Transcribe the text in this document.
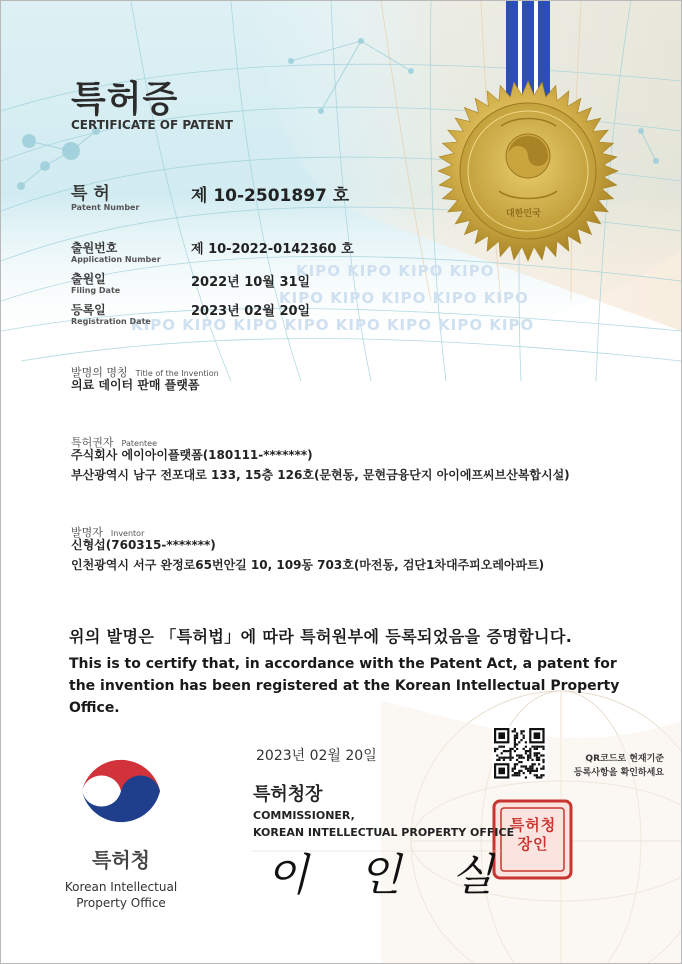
KIPO KIPO KIPO KIPO
KIPO KIPO KIPO KIPO KIPO
KIPO KIPO KIPO KIPO KIPO KIPO KIPO KIPO
대한민국
특허청장인
특허증
CERTIFICATE OF PATENT
특 허
Patent Number
제 10-2501897 호
출원번호
Application Number
제 10-2022-0142360 호
출원일
Filing Date
2022년 10월 31일
등록일
Registration Date
2023년 02월 20일
발명의 명칭 Title of the Invention
의료 데이터 판매 플랫폼
특허권자 Patentee
주식회사 에이아이플랫폼(180111-*******)
부산광역시 남구 전포대로 133, 15층 126호(문현동, 문현금융단지 아이에프씨브산복합시설)
발명자 Inventor
신형섭(760315-*******)
인천광역시 서구 완정로65번안길 10, 109동 703호(마전동, 검단1차대주피오레아파트)
위의 발명은 「특허법」에 따라 특허원부에 등록되었음을 증명합니다.
This is to certify that, in accordance with the Patent Act, a patent for the invention has been registered at the Korean Intellectual Property Office.
2023년 02월 20일
특허청장
COMMISSIONER,
KOREAN INTELLECTUAL PROPERTY OFFICE
이 인 실
QR코드로 현재기준
등록사항을 확인하세요
특허청
Korean Intellectual
Property Office
